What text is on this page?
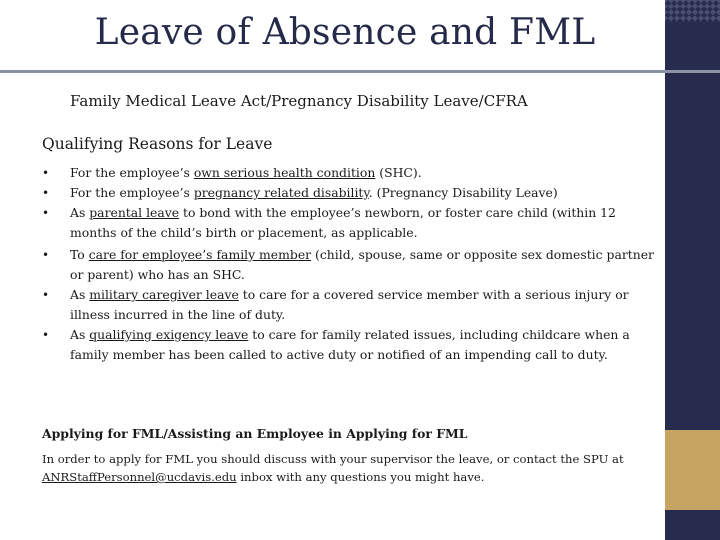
Leave of Absence and FML
Family Medical Leave Act/Pregnancy Disability Leave/CFRA
Qualifying Reasons for Leave
• For the employee’s own serious health condition (SHC).
• For the employee’s pregnancy related disability. (Pregnancy Disability Leave)
• As parental leave to bond with the employee’s newborn, or foster care child (within 12 months of the child’s birth or placement, as applicable.
• To care for employee’s family member (child, spouse, same or opposite sex domestic partner or parent) who has an SHC.
• As military caregiver leave to care for a covered service member with a serious injury or illness incurred in the line of duty.
• As qualifying exigency leave to care for family related issues, including childcare when a family member has been called to active duty or notified of an impending call to duty.
Applying for FML/Assisting an Employee in Applying for FML
In order to apply for FML you should discuss with your supervisor the leave, or contact the SPU at ANRStaffPersonnel@ucdavis.edu inbox with any questions you might have.
